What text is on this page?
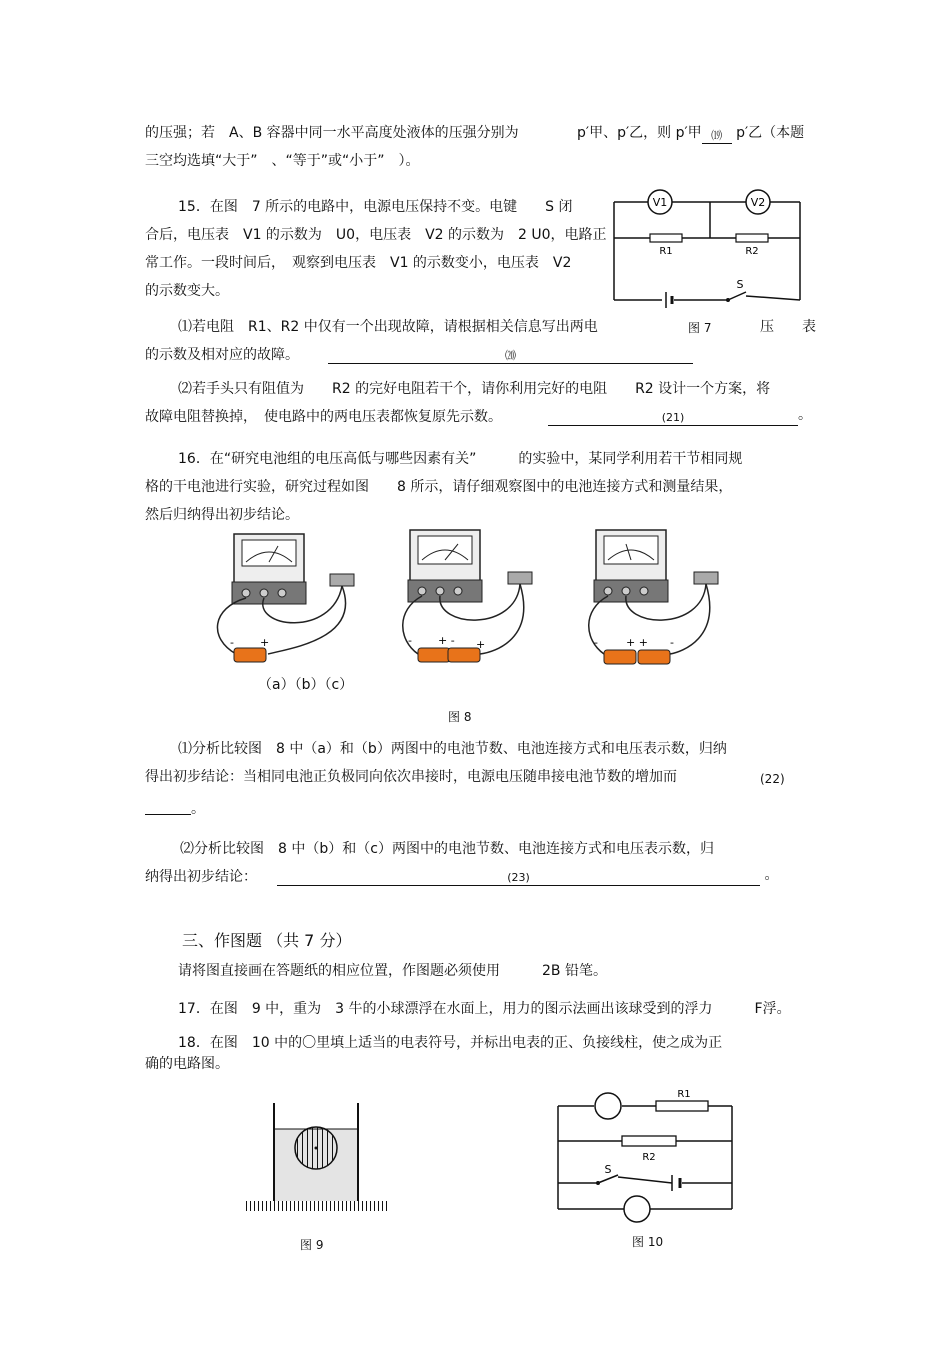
的压强；若　A、B 容器中同一水平高度处液体的压强分别为	p′甲、p′乙，则 p′甲 ⒆ p′乙（本题
三空均选填“大于”　、“等于”或“小于”　）。
15．在图　7 所示的电路中，电源电压保持不变。电键　　S 闭
合后，电压表　V1 的示数为　U0，电压表　V2 的示数为　2 U0，电路正
常工作。一段时间后，　观察到电压表　V1 的示数变小，电压表　V2
的示数变大。
V1	V2
R1	R2
S
⑴若电阻　R1、R2 中仅有一个出现故障，请根据相关信息写出两电	图 7	压　　表
的示数及相对应的故障。	⒇
⑵若手头只有阻值为　　R2 的完好电阻若干个，请你利用完好的电阻　　R2 设计一个方案，将
故障电阻替换掉，　使电路中的两电压表都恢复原先示数。	(21)	。
16．在“研究电池组的电压高低与哪些因素有关”　　　的实验中，某同学利用若干节相同规
格的干电池进行实验，研究过程如图　　8 所示，请仔细观察图中的电池连接方式和测量结果，
然后归纳得出初步结论。
- +	- + - +	-	+ + -
（a）（b）（c）
图 8
⑴分析比较图　8 中（a）和（b）两图中的电池节数、电池连接方式和电压表示数，归纳
得出初步结论：当相同电池正负极同向依次串接时，电源电压随串接电池节数的增加而	(22)
。
⑵分析比较图　8 中（b）和（c）两图中的电池节数、电池连接方式和电压表示数，归
纳得出初步结论：	(23)	。
三、作图题 （共 7 分）
请将图直接画在答题纸的相应位置，作图题必须使用　　　2B 铅笔。
17．在图　9 中，重为　3 牛的小球漂浮在水面上，用力的图示法画出该球受到的浮力　　　F浮。
18．在图　10 中的〇里填上适当的电表符号，并标出电表的正、负接线柱，使之成为正
确的电路图。
图 9
R1
R2
S
图 10
